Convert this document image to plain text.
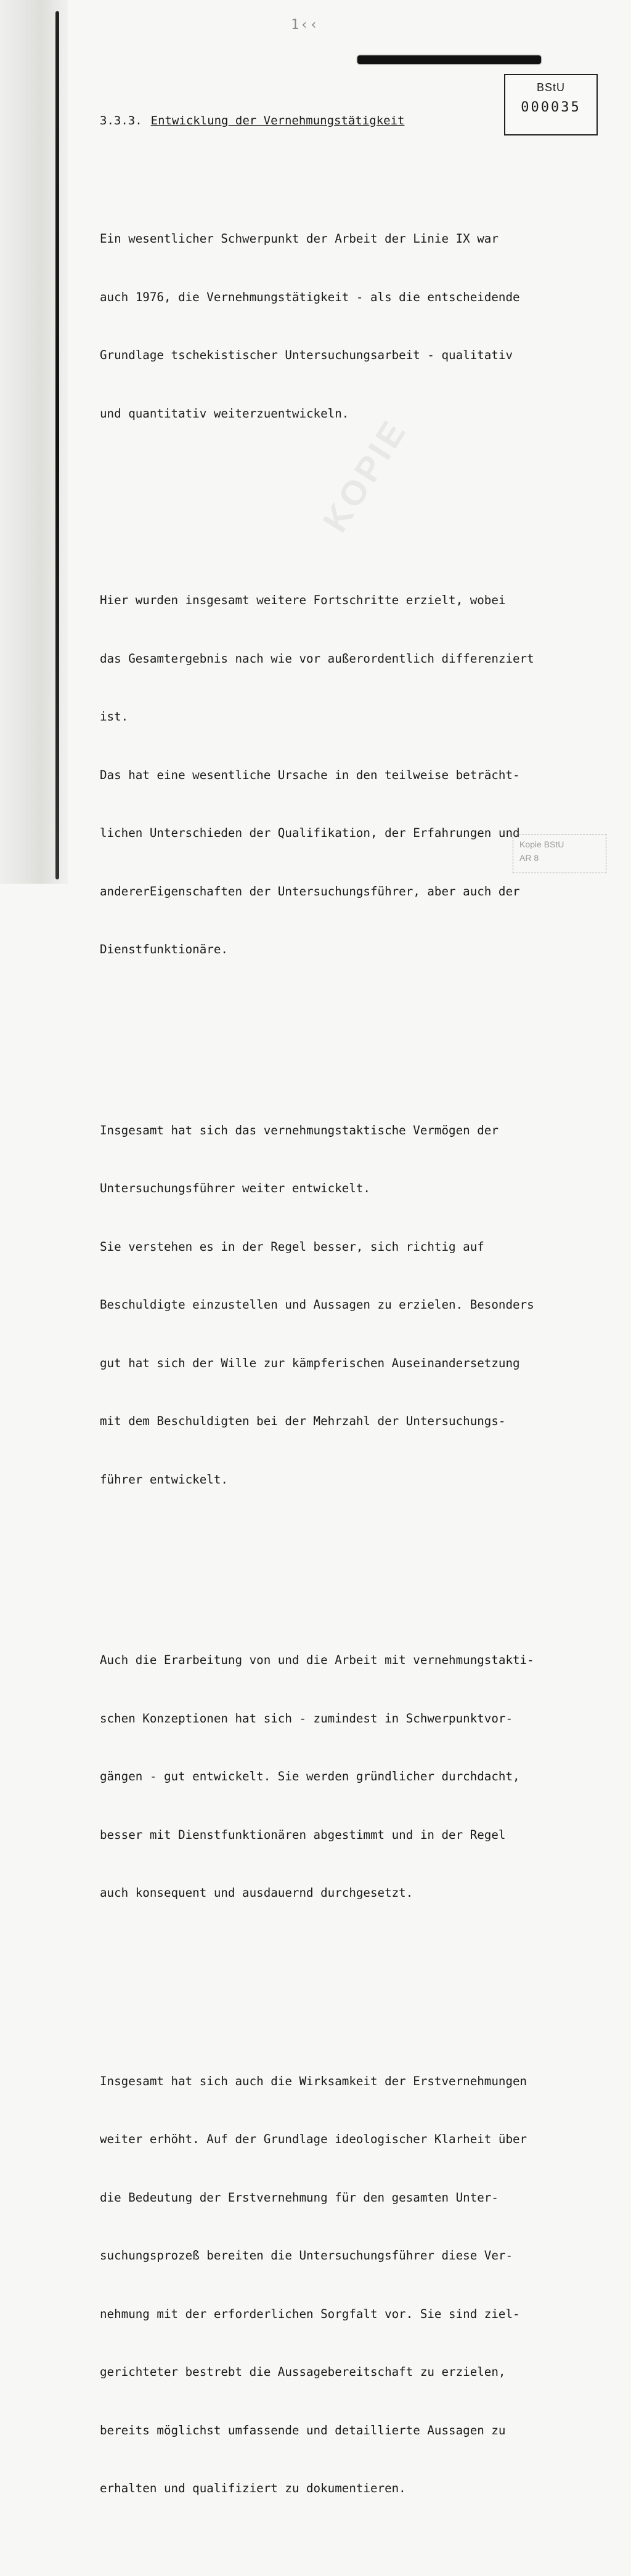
1‹‹
BStU
000035
3.3.3. Entwicklung der Vernehmungstätigkeit
KOPIE

Ein wesentlicher Schwerpunkt der Arbeit der Linie IX war

auch 1976, die Vernehmungstätigkeit - als die entscheidende

Grundlage tschekistischer Untersuchungsarbeit - qualitativ

und quantitativ weiterzuentwickeln.

Hier wurden insgesamt weitere Fortschritte erzielt, wobei

das Gesamtergebnis nach wie vor außerordentlich differenziert

ist.

Das hat eine wesentliche Ursache in den teilweise beträcht-

lichen Unterschieden der Qualifikation, der Erfahrungen und

andererEigenschaften der Untersuchungsführer, aber auch der

Dienstfunktionäre.

Insgesamt hat sich das vernehmungstaktische Vermögen der

Untersuchungsführer weiter entwickelt.

Sie verstehen es in der Regel besser, sich richtig auf

Beschuldigte einzustellen und Aussagen zu erzielen. Besonders

gut hat sich der Wille zur kämpferischen Auseinandersetzung

mit dem Beschuldigten bei der Mehrzahl der Untersuchungs-

führer entwickelt.

Auch die Erarbeitung von und die Arbeit mit vernehmungstakti-

schen Konzeptionen hat sich - zumindest in Schwerpunktvor-

gängen - gut entwickelt. Sie werden gründlicher durchdacht,

besser mit Dienstfunktionären abgestimmt und in der Regel

auch konsequent und ausdauernd durchgesetzt.

Insgesamt hat sich auch die Wirksamkeit der Erstvernehmungen

weiter erhöht. Auf der Grundlage ideologischer Klarheit über

die Bedeutung der Erstvernehmung für den gesamten Unter-

suchungsprozeß bereiten die Untersuchungsführer diese Ver-

nehmung mit der erforderlichen Sorgfalt vor. Sie sind ziel-

gerichteter bestrebt die Aussagebereitschaft zu erzielen,

bereits möglichst umfassende und detaillierte Aussagen zu

erhalten und qualifiziert zu dokumentieren.

Kopie BStU
AR 8
